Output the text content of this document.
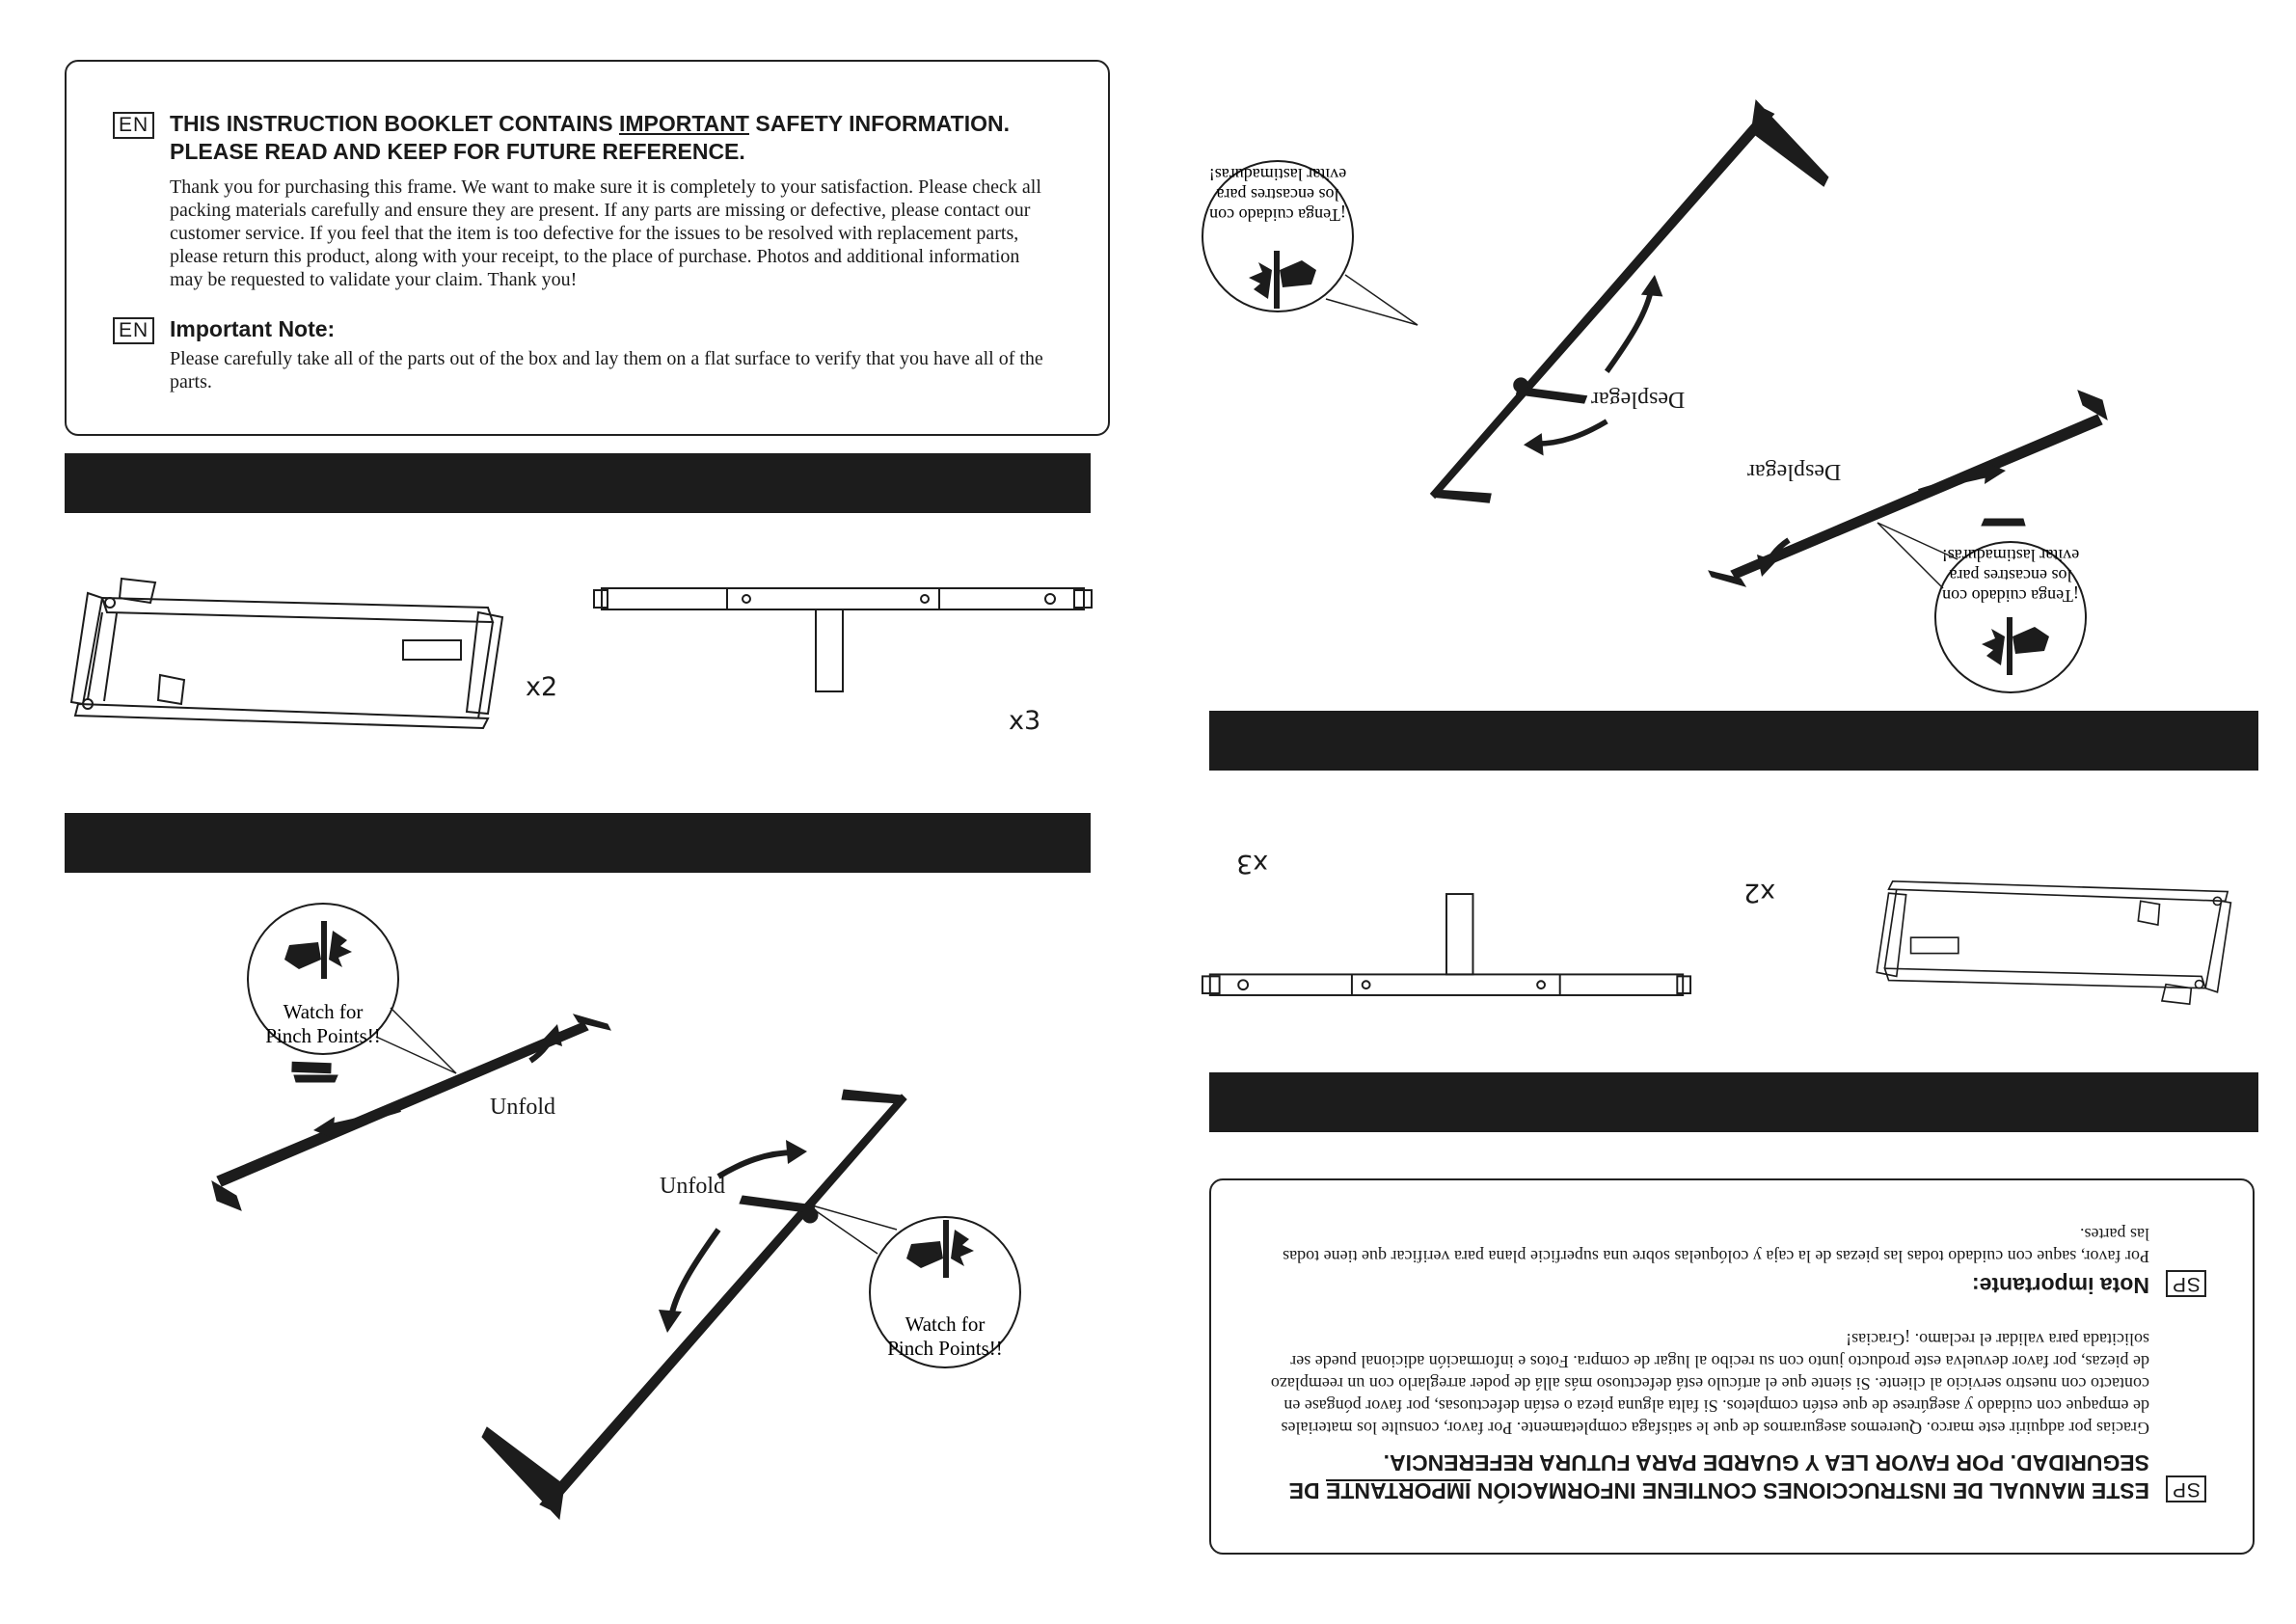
EN THIS INSTRUCTION BOOKLET CONTAINS IMPORTANT SAFETY INFORMATION.
PLEASE READ AND KEEP FOR FUTURE REFERENCE.
Thank you for purchasing this frame. We want to make sure it is completely to your satisfaction. Please check all packing materials carefully and ensure they are present. If any parts are missing or defective, please contact our customer service. If you feel that the item is too defective for the issues to be resolved with replacement parts, please return this product, along with your receipt, to the place of purchase. Photos and additional information may be requested to validate your claim. Thank you!
EN Important Note:
Please carefully take all of the parts out of the box and lay them on a flat surface to verify that you have all of the parts.
x2
x3
Watch for
Pinch Points!!
Unfold
Unfold
Watch for
Pinch Points!!
SP
ESTE MANUAL DE INSTRUCCIONES CONTIENE INFORMACIÓN IMPORTANTE DE
SEGURIDAD. POR FAVOR LEA Y GUARDE PARA FUTURA REFERENCIA.
Gracias por adquirir este marco. Queremos asegurarnos de que le satisfaga completamente. Por favor, consulte los materiales de empaque con cuidado y asegúrese de que estén completos. Si falta alguna pieza o están defectuosas, por favor póngase en contacto con nuestro servicio al cliente. Si siente que el artículo está defectuoso más allá de poder arreglarlo con un reemplazo de piezas, por favor devuelva este producto junto con su recibo al lugar de compra. Fotos e información adicional puede ser solicitada para validar el reclamo. ¡Gracias!
SP
Nota importante:
Por favor, saque con cuidado todas las piezas de la caja y colóquelas sobre una superficie plana para verificar que tiene todas las partes.
x2
x3
Desplegar
¡Tenga cuidado con
los encastres para
evitar lastimaduras!
Desplegar
¡Tenga cuidado con
los encastres para
evitar lastimaduras!
